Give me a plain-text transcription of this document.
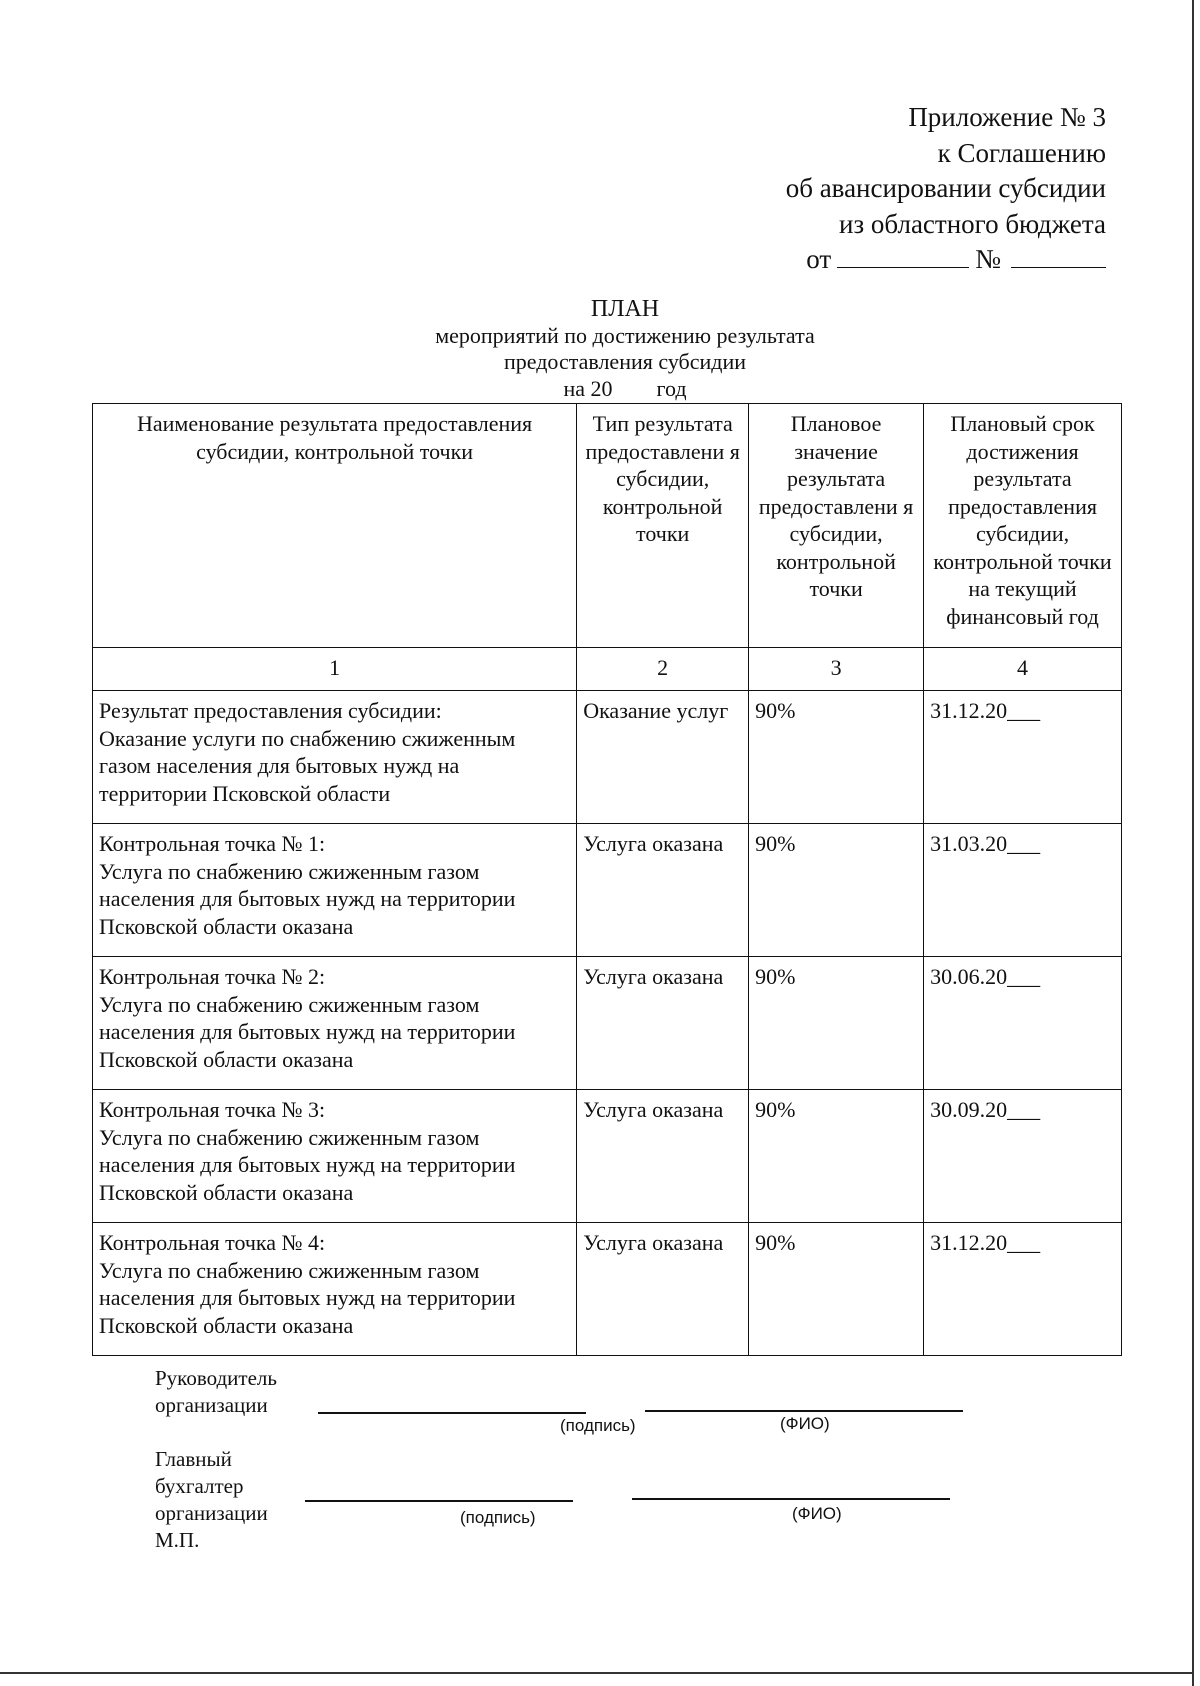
Приложение № 3
к Соглашению
об авансировании субсидии
из областного бюджета
от	№
ПЛАН
мероприятий по достижению результата
предоставления субсидии
на 20 год
Наименование результата предоставления субсидии, контрольной точки	Тип результата предоставлени я субсидии, контрольной точки	Плановое значение результата предоставлени я субсидии, контрольной точки	Плановый срок достижения результата предоставления субсидии, контрольной точки на текущий финансовый год
1	2	3	4

Результат предоставления субсидии:
Оказание услуги по снабжению сжиженным газом населения для бытовых нужд на территории Псковской области	Оказание услуг	90%	31.12.20___

Контрольная точка № 1:
Услуга по снабжению сжиженным газом населения для бытовых нужд на территории Псковской области оказана	Услуга оказана	90%	31.03.20___

Контрольная точка № 2:
Услуга по снабжению сжиженным газом населения для бытовых нужд на территории Псковской области оказана	Услуга оказана	90%	30.06.20___

Контрольная точка № 3:
Услуга по снабжению сжиженным газом населения для бытовых нужд на территории Псковской области оказана	Услуга оказана	90%	30.09.20___

Контрольная точка № 4:
Услуга по снабжению сжиженным газом населения для бытовых нужд на территории Псковской области оказана	Услуга оказана	90%	31.12.20___
Руководитель
организации
(подпись)	(ФИО)
Главный
бухгалтер
организации
М.П.
(подпись)	(ФИО)
